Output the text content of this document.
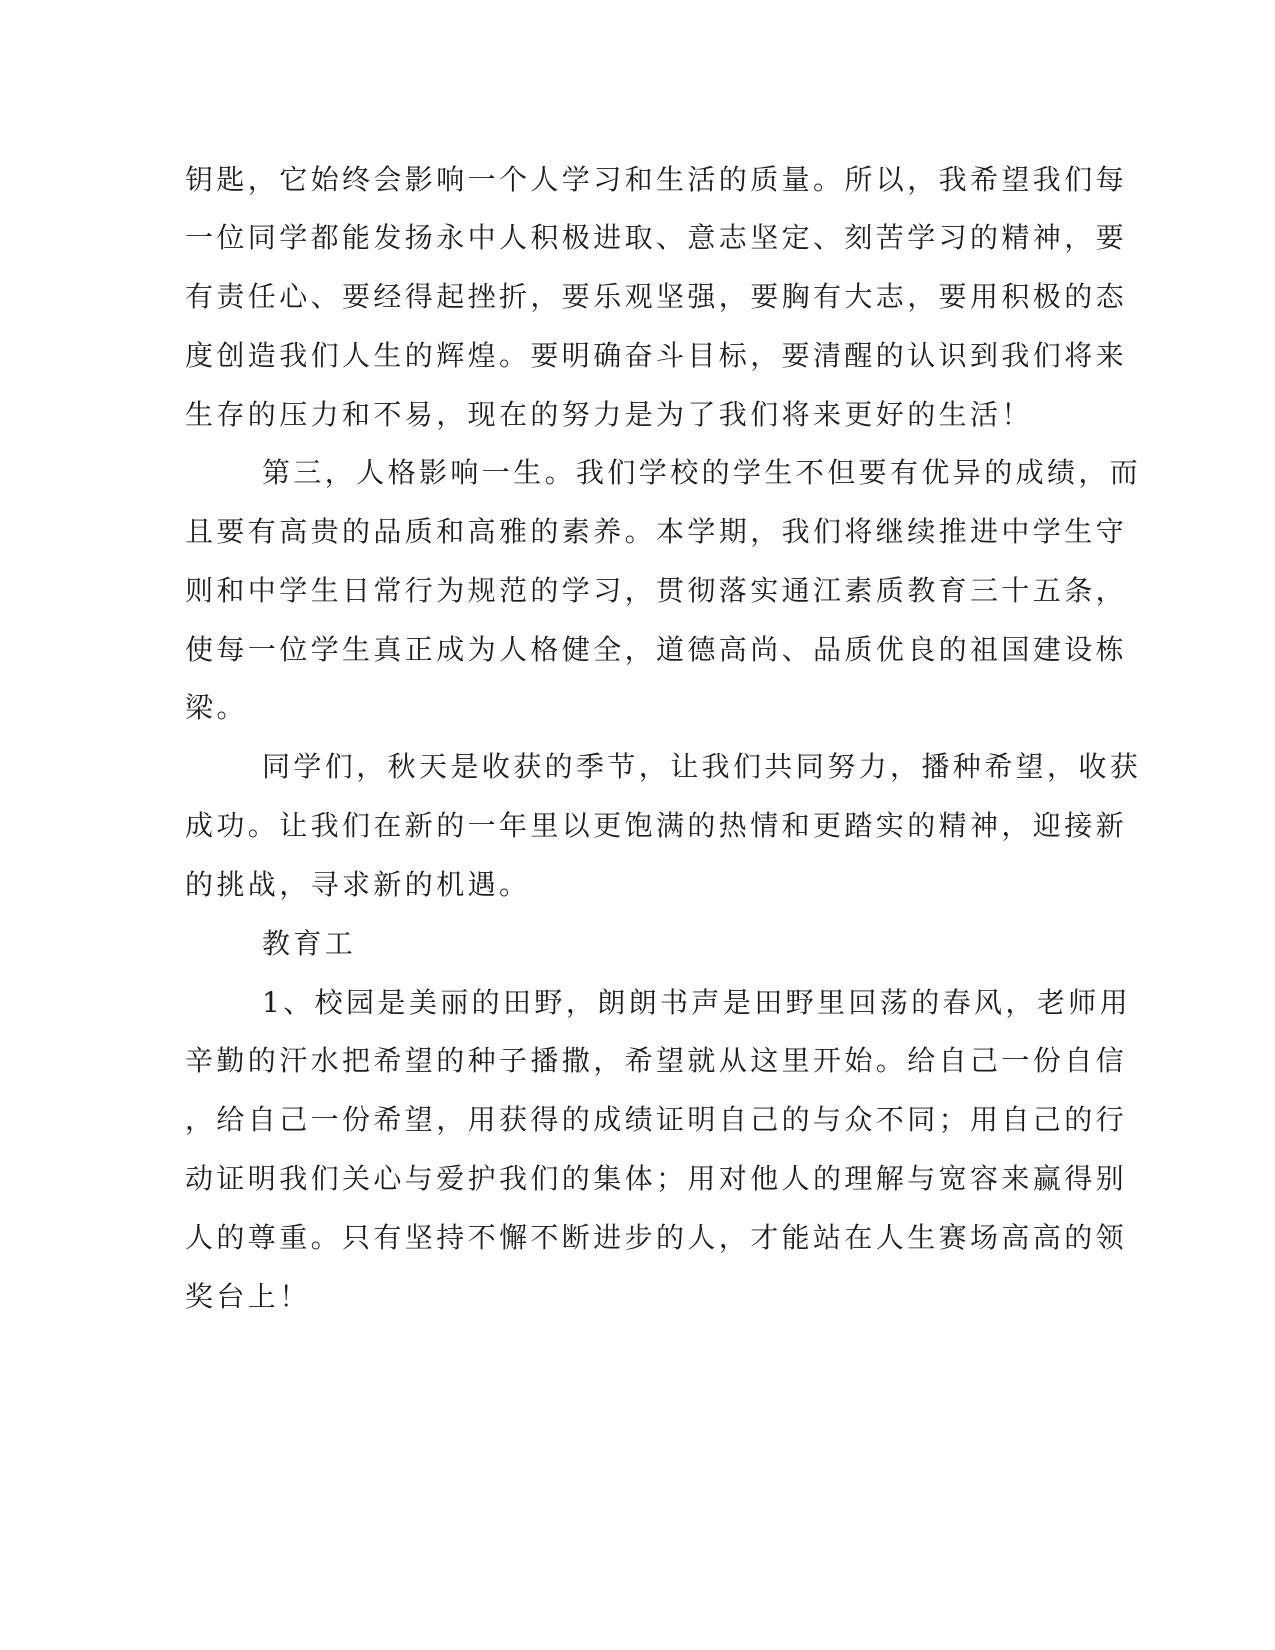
钥匙，它始终会影响一个人学习和生活的质量。所以，我希望我们每
一位同学都能发扬永中人积极进取、意志坚定、刻苦学习的精神，要
有责任心、要经得起挫折，要乐观坚强，要胸有大志，要用积极的态
度创造我们人生的辉煌。要明确奋斗目标，要清醒的认识到我们将来
生存的压力和不易，现在的努力是为了我们将来更好的生活！
第三，人格影响一生。我们学校的学生不但要有优异的成绩，而
且要有高贵的品质和高雅的素养。本学期，我们将继续推进中学生守
则和中学生日常行为规范的学习，贯彻落实通江素质教育三十五条，
使每一位学生真正成为人格健全，道德高尚、品质优良的祖国建设栋
梁。
同学们，秋天是收获的季节，让我们共同努力，播种希望，收获
成功。让我们在新的一年里以更饱满的热情和更踏实的精神，迎接新
的挑战，寻求新的机遇。
教育工
1、校园是美丽的田野，朗朗书声是田野里回荡的春风，老师用
辛勤的汗水把希望的种子播撒，希望就从这里开始。给自己一份自信
，给自己一份希望，用获得的成绩证明自己的与众不同；用自己的行
动证明我们关心与爱护我们的集体；用对他人的理解与宽容来赢得别
人的尊重。只有坚持不懈不断进步的人，才能站在人生赛场高高的领
奖台上！
